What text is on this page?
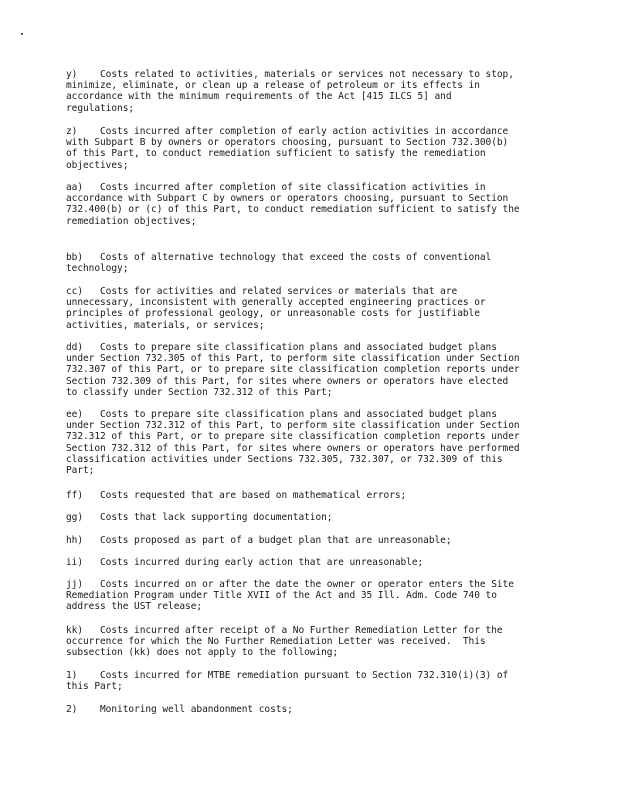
y)    Costs related to activities, materials or services not necessary to stop,
minimize, eliminate, or clean up a release of petroleum or its effects in
accordance with the minimum requirements of the Act [415 ILCS 5] and
regulations;

z)    Costs incurred after completion of early action activities in accordance
with Subpart B by owners or operators choosing, pursuant to Section 732.300(b)
of this Part, to conduct remediation sufficient to satisfy the remediation
objectives;

aa)   Costs incurred after completion of site classification activities in
accordance with Subpart C by owners or operators choosing, pursuant to Section
732.400(b) or (c) of this Part, to conduct remediation sufficient to satisfy the
remediation objectives;

bb)   Costs of alternative technology that exceed the costs of conventional
technology;

cc)   Costs for activities and related services or materials that are
unnecessary, inconsistent with generally accepted engineering practices or
principles of professional geology, or unreasonable costs for justifiable
activities, materials, or services;

dd)   Costs to prepare site classification plans and associated budget plans
under Section 732.305 of this Part, to perform site classification under Section
732.307 of this Part, or to prepare site classification completion reports under
Section 732.309 of this Part, for sites where owners or operators have elected
to classify under Section 732.312 of this Part;

ee)   Costs to prepare site classification plans and associated budget plans
under Section 732.312 of this Part, to perform site classification under Section
732.312 of this Part, or to prepare site classification completion reports under
Section 732.312 of this Part, for sites where owners or operators have performed
classification activities under Sections 732.305, 732.307, or 732.309 of this
Part;

ff)   Costs requested that are based on mathematical errors;

gg)   Costs that lack supporting documentation;

hh)   Costs proposed as part of a budget plan that are unreasonable;

ii)   Costs incurred during early action that are unreasonable;

jj)   Costs incurred on or after the date the owner or operator enters the Site
Remediation Program under Title XVII of the Act and 35 Ill. Adm. Code 740 to
address the UST release;

kk)   Costs incurred after receipt of a No Further Remediation Letter for the
occurrence for which the No Further Remediation Letter was received.  This
subsection (kk) does not apply to the following;

1)    Costs incurred for MTBE remediation pursuant to Section 732.310(i)(3) of
this Part;

2)    Monitoring well abandonment costs;
